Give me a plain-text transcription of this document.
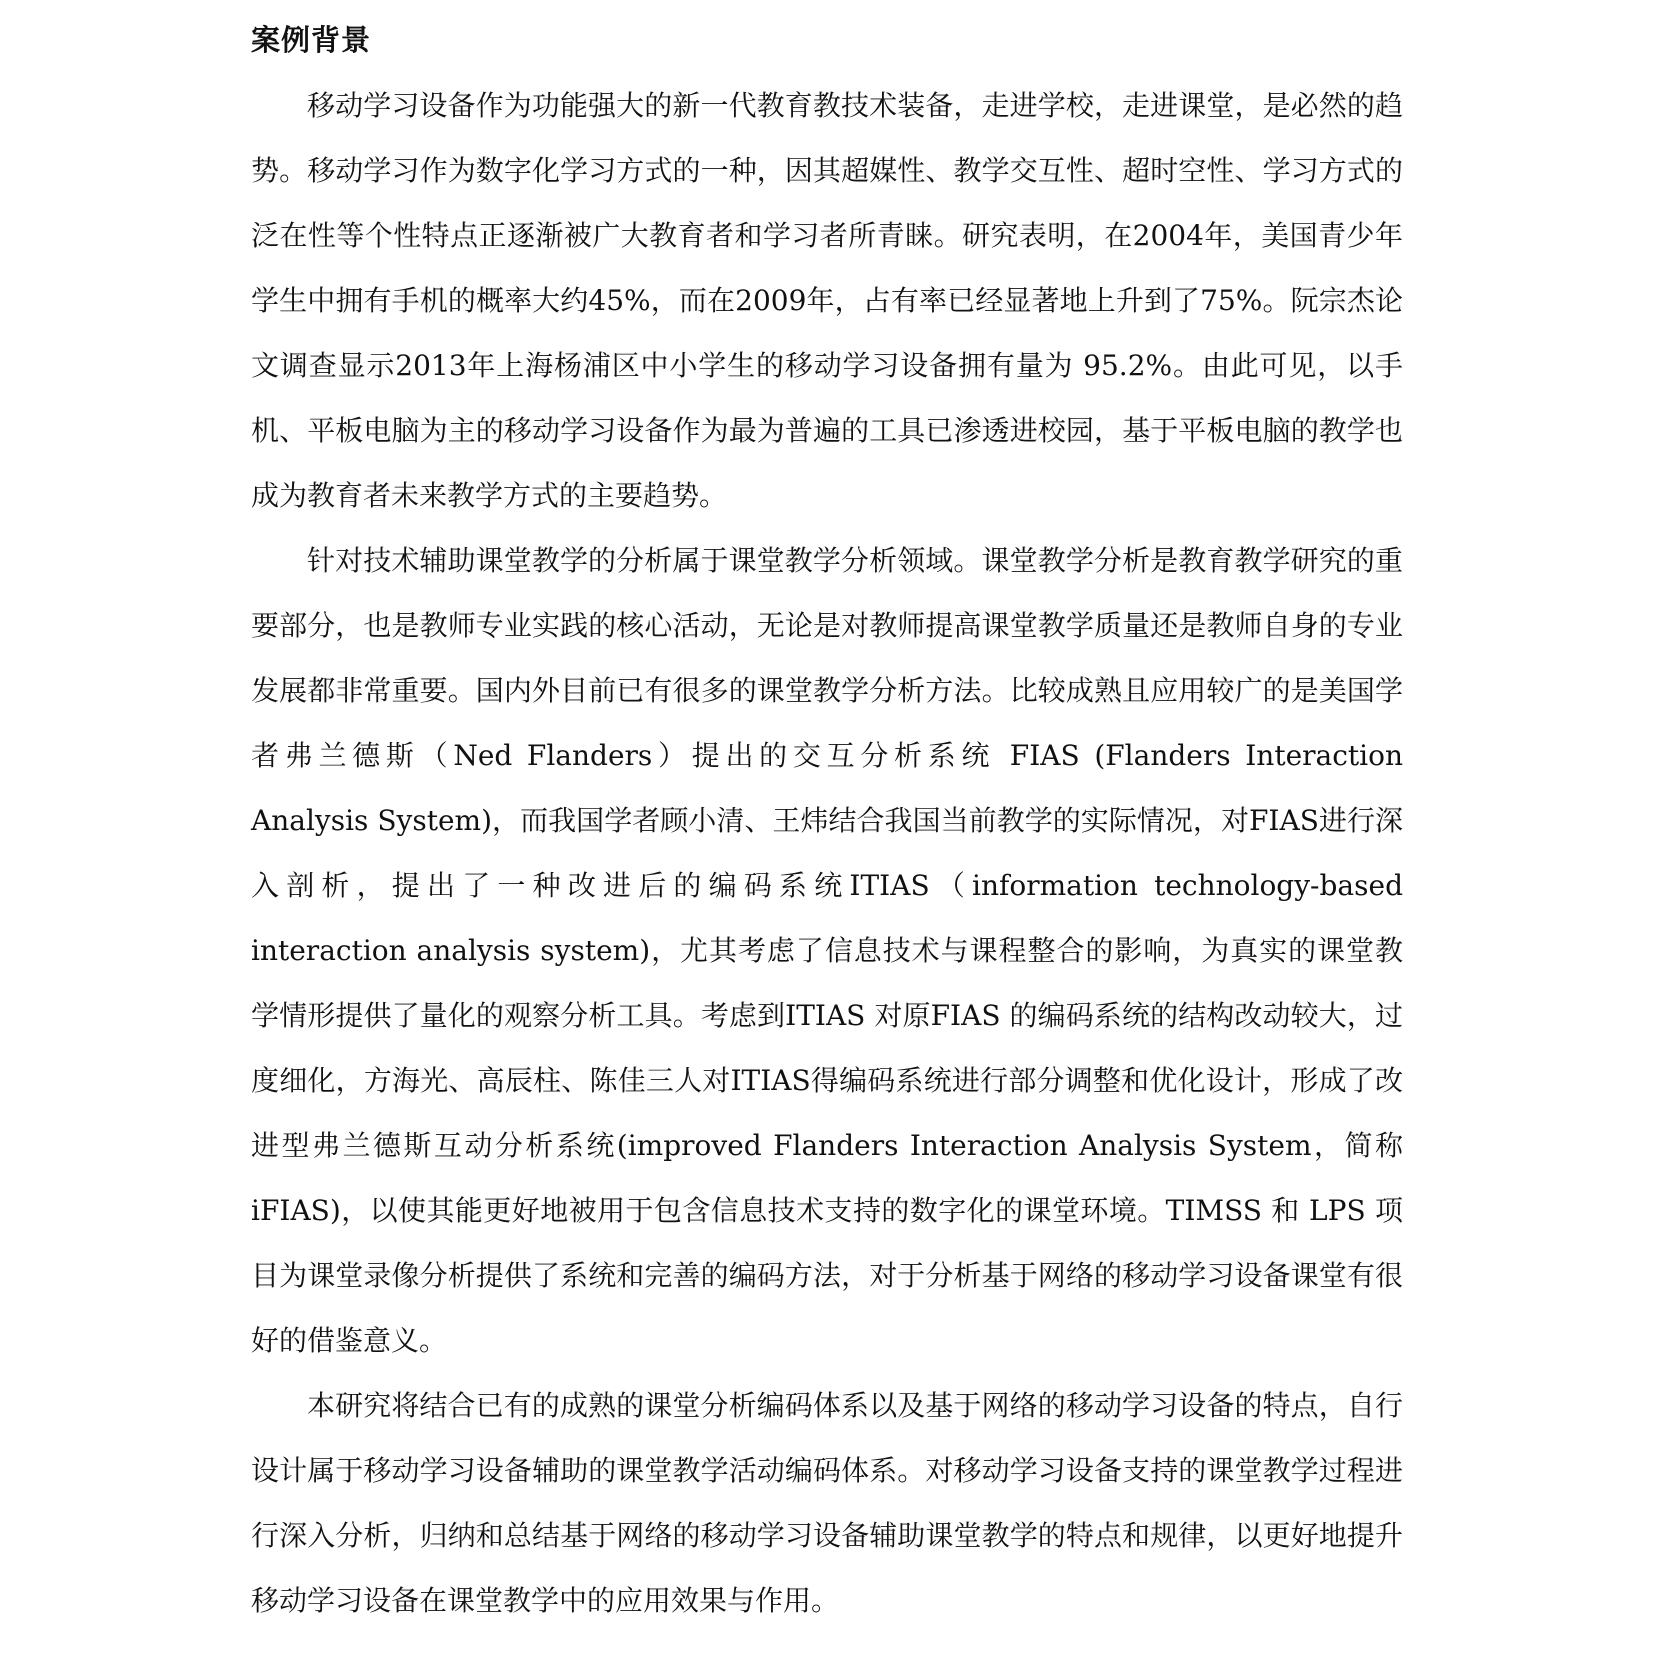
案例背景

移动学习设备作为功能强大的新一代教育教技术装备，走进学校，走进课堂，是必然的趋势。移动学习作为数字化学习方式的一种，因其超媒性、教学交互性、超时空性、学习方式的泛在性等个性特点正逐渐被广大教育者和学习者所青睐。研究表明，在2004年，美国青少年学生中拥有手机的概率大约45%，而在2009年，占有率已经显著地上升到了75%。阮宗杰论文调查显示2013年上海杨浦区中小学生的移动学习设备拥有量为 95.2%。由此可见，以手机、平板电脑为主的移动学习设备作为最为普遍的工具已渗透进校园，基于平板电脑的教学也成为教育者未来教学方式的主要趋势。

针对技术辅助课堂教学的分析属于课堂教学分析领域。课堂教学分析是教育教学研究的重要部分，也是教师专业实践的核心活动，无论是对教师提高课堂教学质量还是教师自身的专业发展都非常重要。国内外目前已有很多的课堂教学分析方法。比较成熟且应用较广的是美国学者弗兰德斯（Ned Flanders）提出的交互分析系统 FIAS (Flanders Interaction Analysis System)，而我国学者顾小清、王炜结合我国当前教学的实际情况，对FIAS进行深入剖析，提出了一种改进后的编码系统ITIAS（information technology-based interaction analysis system)，尤其考虑了信息技术与课程整合的影响，为真实的课堂教学情形提供了量化的观察分析工具。考虑到ITIAS 对原FIAS 的编码系统的结构改动较大，过度细化，方海光、高辰柱、陈佳三人对ITIAS得编码系统进行部分调整和优化设计，形成了改进型弗兰德斯互动分析系统(improved Flanders Interaction Analysis System，简称iFIAS)，以使其能更好地被用于包含信息技术支持的数字化的课堂环境。TIMSS 和 LPS 项目为课堂录像分析提供了系统和完善的编码方法，对于分析基于网络的移动学习设备课堂有很好的借鉴意义。

本研究将结合已有的成熟的课堂分析编码体系以及基于网络的移动学习设备的特点，自行设计属于移动学习设备辅助的课堂教学活动编码体系。对移动学习设备支持的课堂教学过程进行深入分析，归纳和总结基于网络的移动学习设备辅助课堂教学的特点和规律，以更好地提升移动学习设备在课堂教学中的应用效果与作用。
